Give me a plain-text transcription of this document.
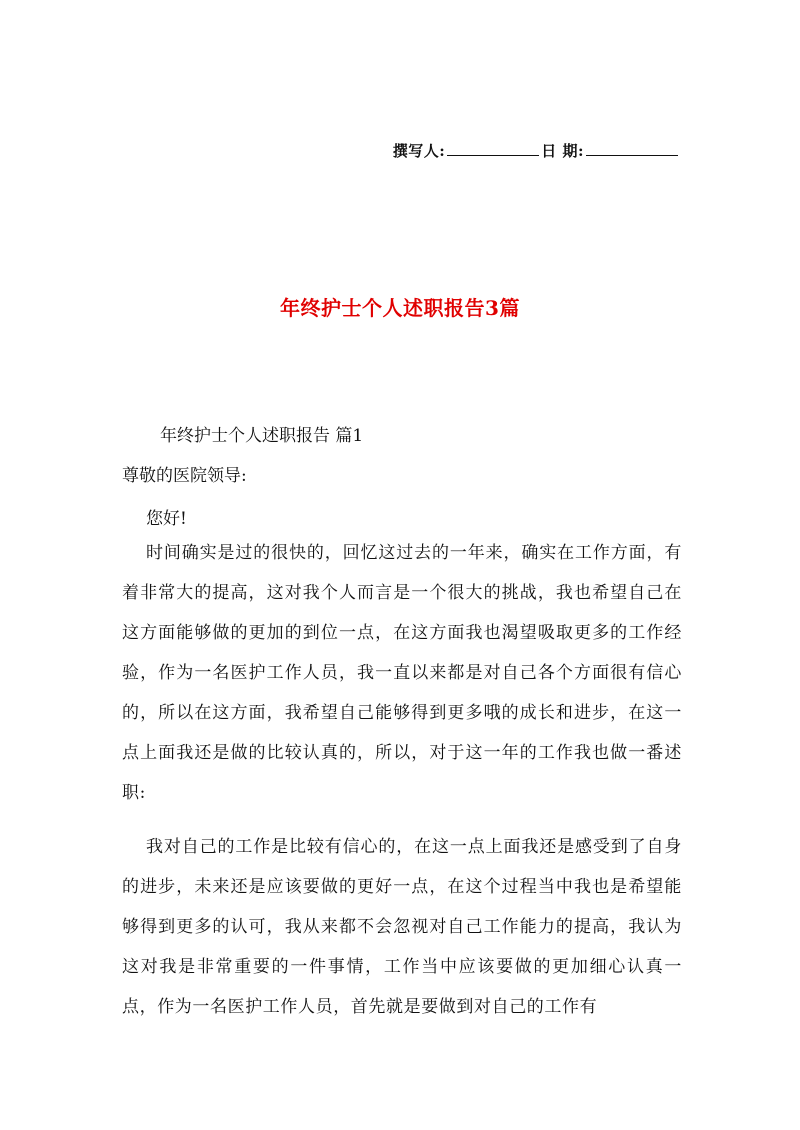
撰写人:	日 期:
年终护士个人述职报告3篇
年终护士个人述职报告 篇1
尊敬的医院领导:
您好!

时间确实是过的很快的，回忆这过去的一年来，确实在工作方面，有着非常大的提高，这对我个人而言是一个很大的挑战，我也希望自己在这方面能够做的更加的到位一点，在这方面我也渴望吸取更多的工作经验，作为一名医护工作人员，我一直以来都是对自己各个方面很有信心的，所以在这方面，我希望自己能够得到更多哦的成长和进步，在这一点上面我还是做的比较认真的，所以，对于这一年的工作我也做一番述职:

我对自己的工作是比较有信心的，在这一点上面我还是感受到了自身的进步，未来还是应该要做的更好一点，在这个过程当中我也是希望能够得到更多的认可，我从来都不会忽视对自己工作能力的提高，我认为这对我是非常重要的一件事情，工作当中应该要做的更加细心认真一点，作为一名医护工作人员，首先就是要做到对自己的工作有
